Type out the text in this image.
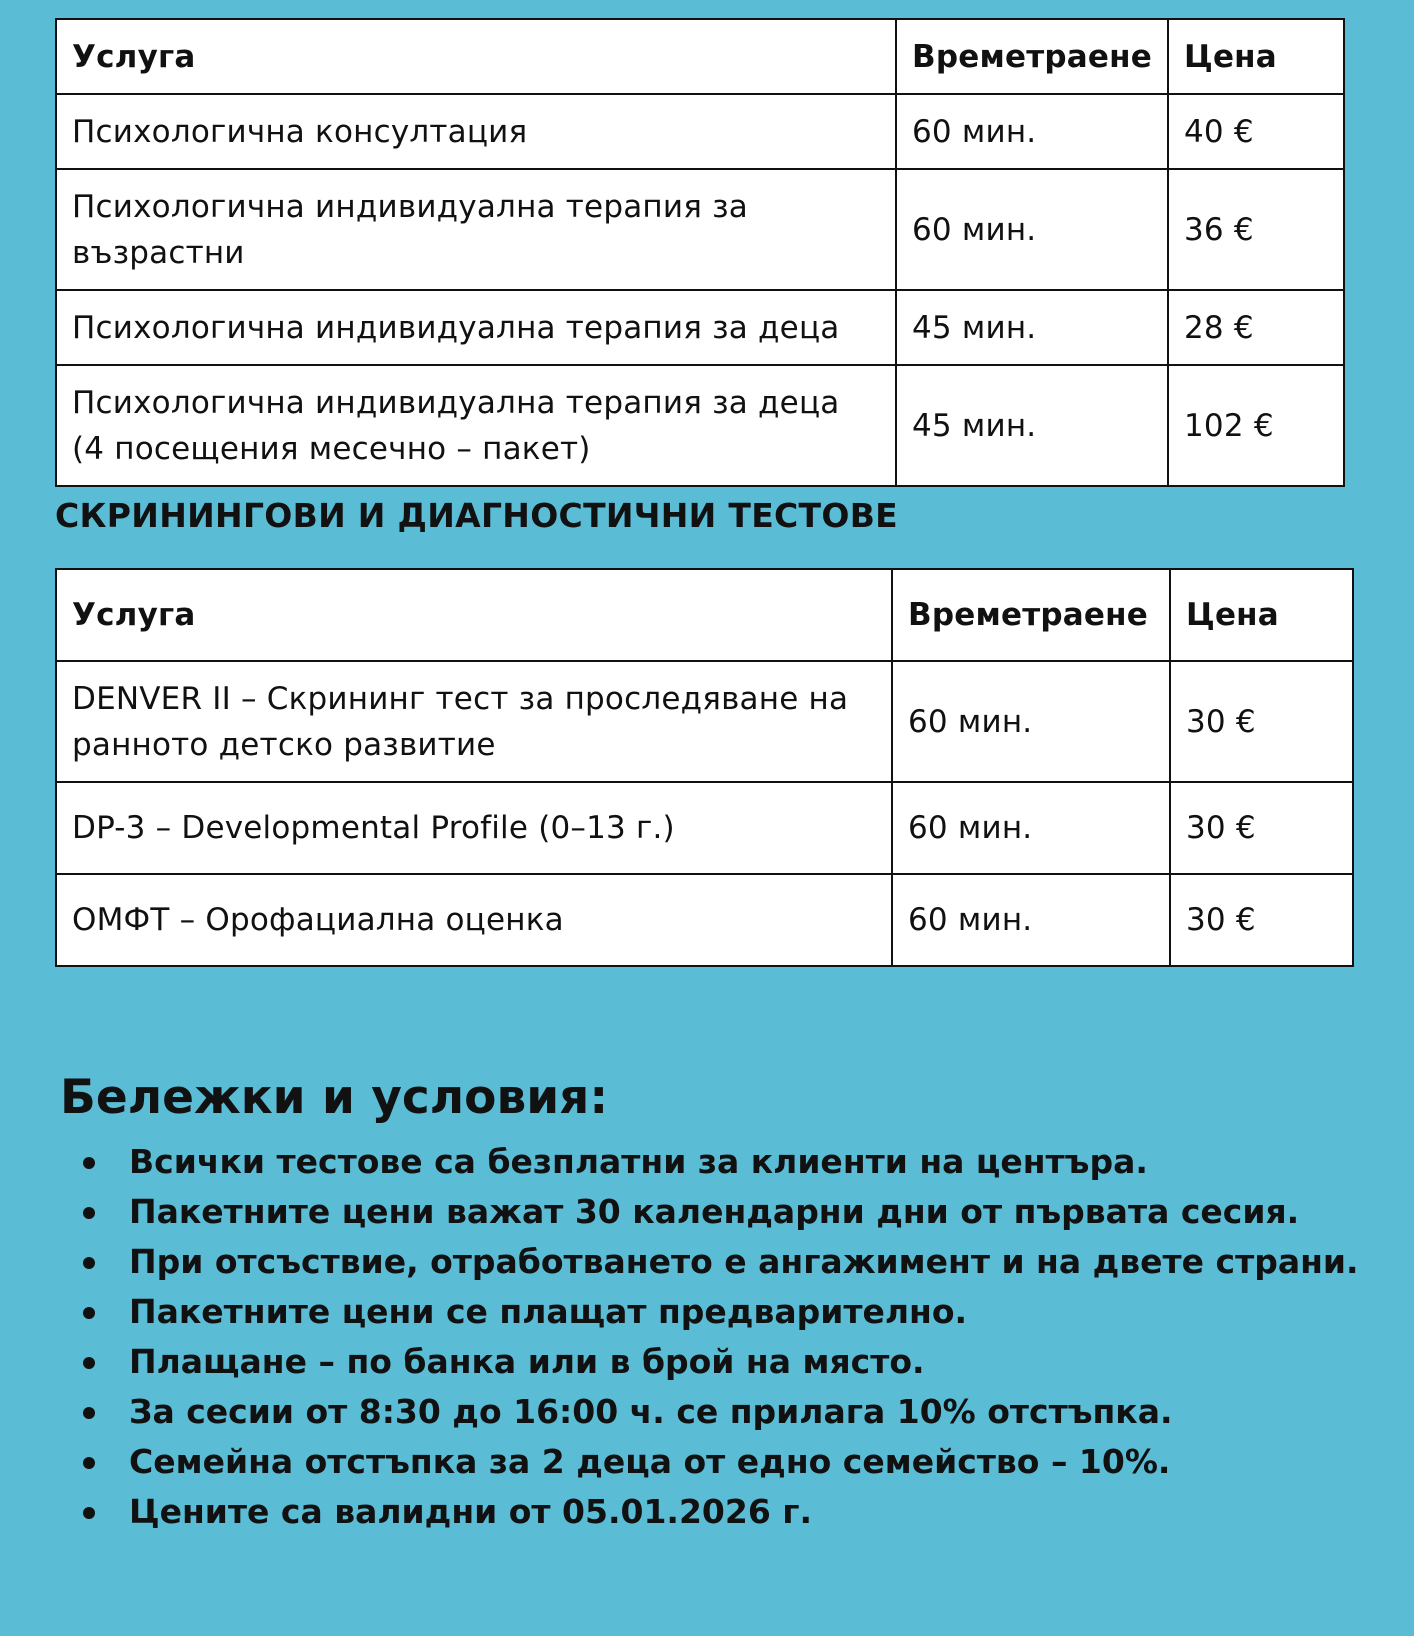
Услуга	Времетраене	Цена
Психологична консултация	60 мин.	40 €
Психологична индивидуална терапия за възрастни	60 мин.	36 €
Психологична индивидуална терапия за деца	45 мин.	28 €
Психологична индивидуална терапия за деца (4 посещения месечно – пакет)	45 мин.	102 €
СКРИНИНГОВИ И ДИАГНОСТИЧНИ ТЕСТОВЕ
Услуга	Времетраене	Цена
DENVER II – Скрининг тест за проследяване на ранното детско развитие	60 мин.	30 €
DP-3 – Developmental Profile (0–13 г.)	60 мин.	30 €
ОМФТ – Орофациална оценка	60 мин.	30 €
Бележки и условия:
Всички тестове са безплатни за клиенти на центъра.
Пакетните цени важат 30 календарни дни от първата сесия.
При отсъствие, отработването е ангажимент и на двете страни.
Пакетните цени се плащат предварително.
Плащане – по банка или в брой на място.
За сесии от 8:30 до 16:00 ч. се прилага 10% отстъпка.
Семейна отстъпка за 2 деца от едно семейство – 10%.
Цените са валидни от 05.01.2026 г.
